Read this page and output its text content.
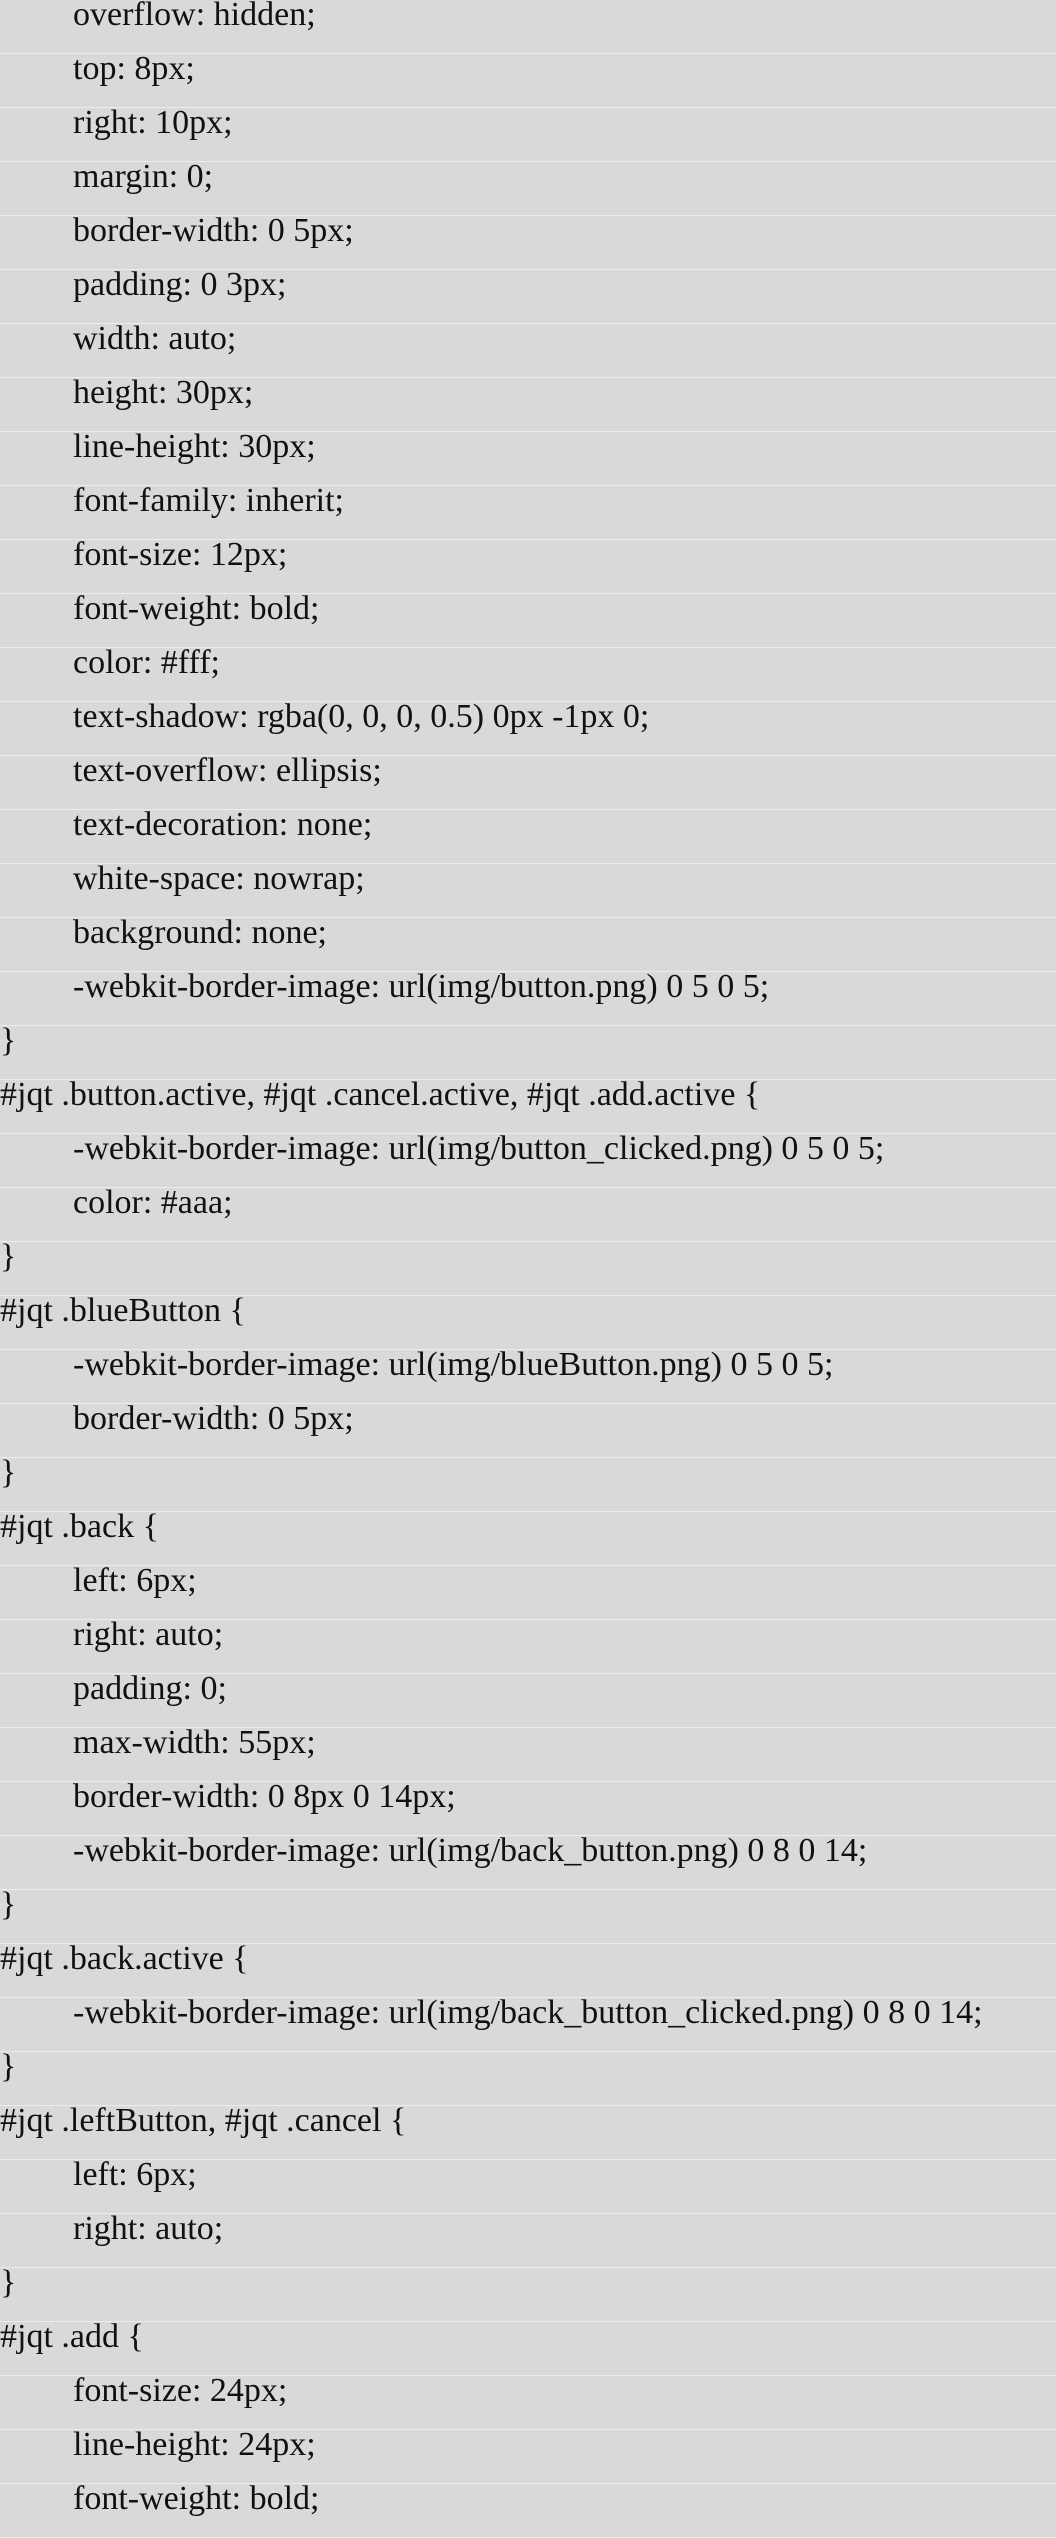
overflow: hidden;
top: 8px;
right: 10px;
margin: 0;
border-width: 0 5px;
padding: 0 3px;
width: auto;
height: 30px;
line-height: 30px;
font-family: inherit;
font-size: 12px;
font-weight: bold;
color: #fff;
text-shadow: rgba(0, 0, 0, 0.5) 0px -1px 0;
text-overflow: ellipsis;
text-decoration: none;
white-space: nowrap;
background: none;
-webkit-border-image: url(img/button.png) 0 5 0 5;
}
#jqt .button.active, #jqt .cancel.active, #jqt .add.active {
-webkit-border-image: url(img/button_clicked.png) 0 5 0 5;
color: #aaa;
}
#jqt .blueButton {
-webkit-border-image: url(img/blueButton.png) 0 5 0 5;
border-width: 0 5px;
}
#jqt .back {
left: 6px;
right: auto;
padding: 0;
max-width: 55px;
border-width: 0 8px 0 14px;
-webkit-border-image: url(img/back_button.png) 0 8 0 14;
}
#jqt .back.active {
-webkit-border-image: url(img/back_button_clicked.png) 0 8 0 14;
}
#jqt .leftButton, #jqt .cancel {
left: 6px;
right: auto;
}
#jqt .add {
font-size: 24px;
line-height: 24px;
font-weight: bold;
